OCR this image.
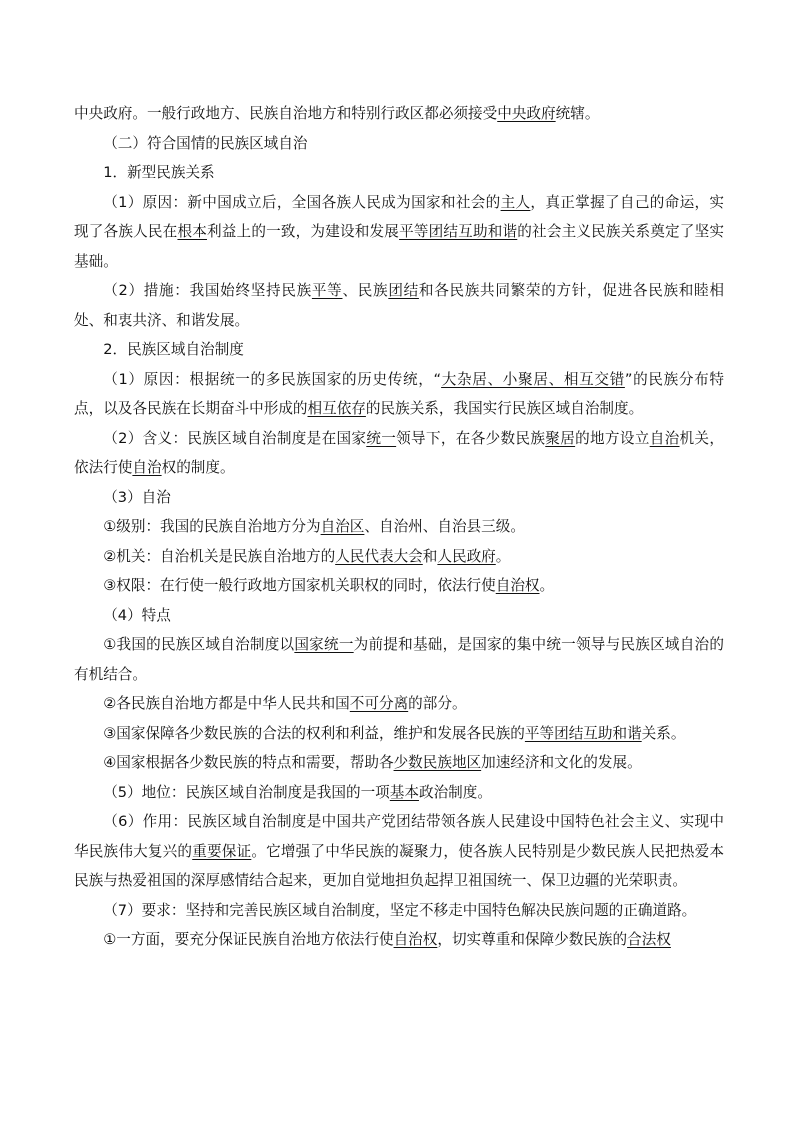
中央政府。一般行政地方、民族自治地方和特别行政区都必须接受中央政府统辖。

（二）符合国情的民族区域自治

1．新型民族关系

（1）原因：新中国成立后，全国各族人民成为国家和社会的主人，真正掌握了自己的命运，实现了各族人民在根本利益上的一致，为建设和发展平等团结互助和谐的社会主义民族关系奠定了坚实基础。

（2）措施：我国始终坚持民族平等、民族团结和各民族共同繁荣的方针，促进各民族和睦相处、和衷共济、和谐发展。

2．民族区域自治制度

（1）原因：根据统一的多民族国家的历史传统，“大杂居、小聚居、相互交错”的民族分布特点，以及各民族在长期奋斗中形成的相互依存的民族关系，我国实行民族区域自治制度。

（2）含义：民族区域自治制度是在国家统一领导下，在各少数民族聚居的地方设立自治机关，依法行使自治权的制度。

（3）自治

①级别：我国的民族自治地方分为自治区、自治州、自治县三级。

②机关：自治机关是民族自治地方的人民代表大会和人民政府。

③权限：在行使一般行政地方国家机关职权的同时，依法行使自治权。

（4）特点

①我国的民族区域自治制度以国家统一为前提和基础，是国家的集中统一领导与民族区域自治的有机结合。

②各民族自治地方都是中华人民共和国不可分离的部分。

③国家保障各少数民族的合法的权利和利益，维护和发展各民族的平等团结互助和谐关系。

④国家根据各少数民族的特点和需要，帮助各少数民族地区加速经济和文化的发展。

（5）地位：民族区域自治制度是我国的一项基本政治制度。

（6）作用：民族区域自治制度是中国共产党团结带领各族人民建设中国特色社会主义、实现中华民族伟大复兴的重要保证。它增强了中华民族的凝聚力，使各族人民特别是少数民族人民把热爱本民族与热爱祖国的深厚感情结合起来，更加自觉地担负起捍卫祖国统一、保卫边疆的光荣职责。

（7）要求：坚持和完善民族区域自治制度，坚定不移走中国特色解决民族问题的正确道路。

①一方面，要充分保证民族自治地方依法行使自治权，切实尊重和保障少数民族的合法权
